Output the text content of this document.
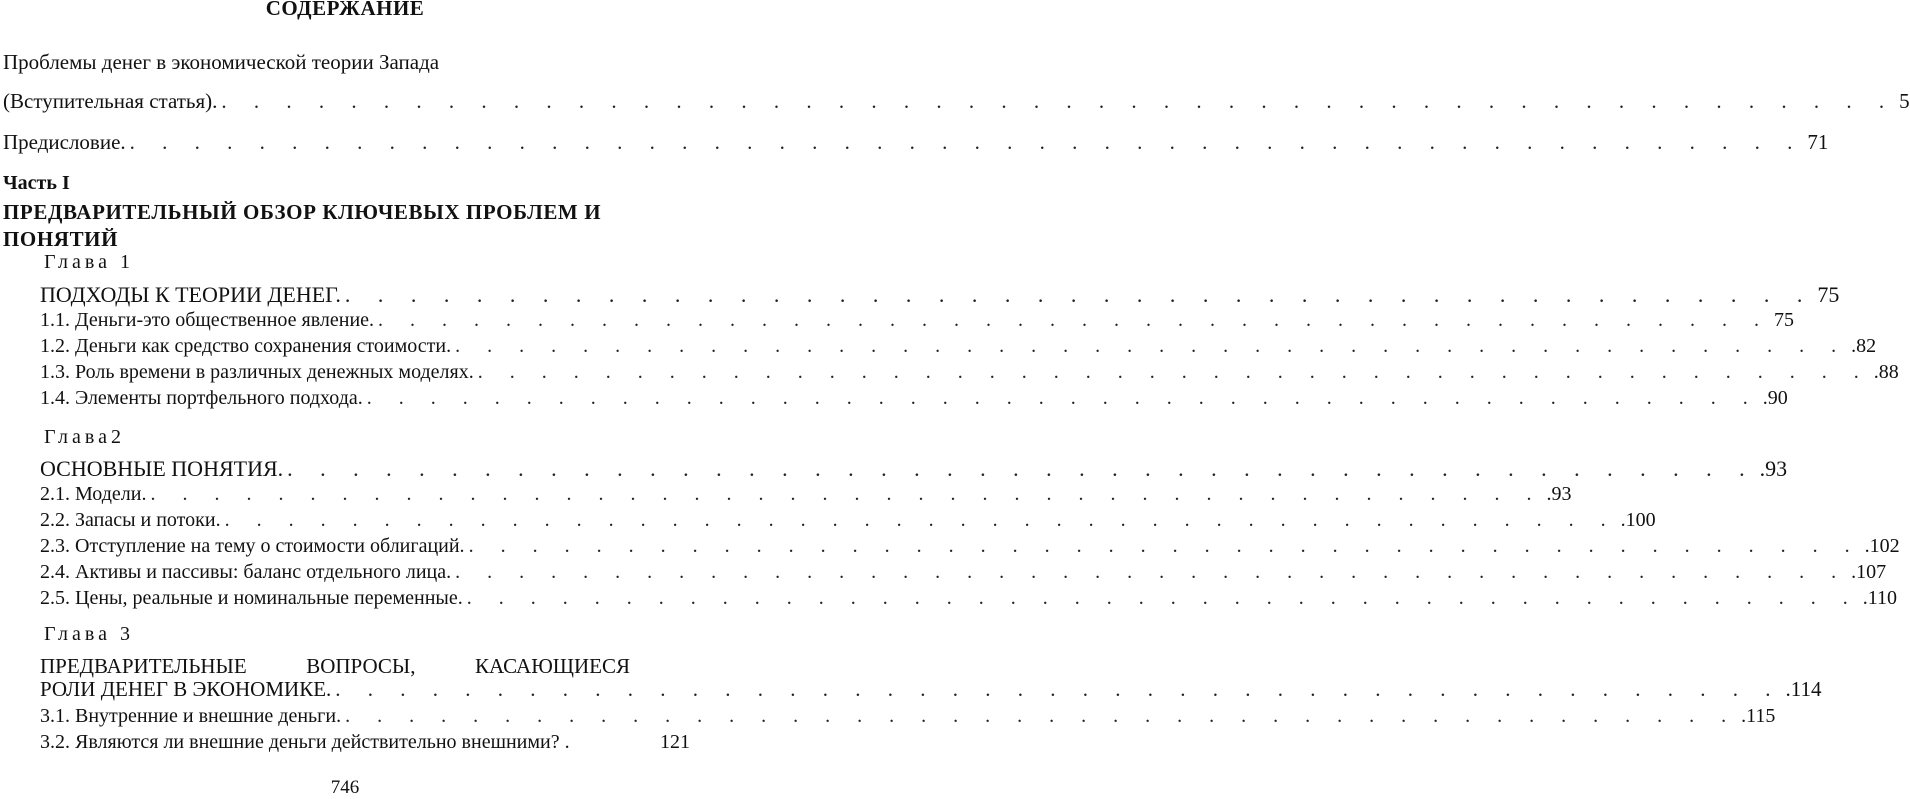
СОДЕРЖАНИЕ
Проблемы денег в экономической теории Запада
(Вступительная статья). . . . . . . . . . . . . . . . . . . . . . . . . . . . . . . . . . . . . . . . . . . . . . . . . . . . . 5
Предисловие. . . . . . . . . . . . . . . . . . . . . . . . . . . . . . . . . . . . . . . . . . . . . . . . . . . . . 71
Часть I
ПРЕДВАРИТЕЛЬНЫЙ ОБЗОР КЛЮЧЕВЫХ ПРОБЛЕМ И
ПОНЯТИЙ
Глава 1
ПОДХОДЫ К ТЕОРИИ ДЕНЕГ. . . . . . . . . . . . . . . . . . . . . . . . . . . . . . . . . . . . . . . . . . . . . . 75
1.1. Деньги-это общественное явление. . . . . . . . . . . . . . . . . . . . . . . . . . . . . . . . . . . . . . . . . . . . . 75
1.2. Деньги как средство сохранения стоимости. . . . . . . . . . . . . . . . . . . . . . . . . . . . . . . . . . . . . . . . . . . . . .82
1.3. Роль времени в различных денежных моделях. . . . . . . . . . . . . . . . . . . . . . . . . . . . . . . . . . . . . . . . . . . . . .88
1.4. Элементы портфельного подхода. . . . . . . . . . . . . . . . . . . . . . . . . . . . . . . . . . . . . . . . . . . . . .90
Глава2
ОСНОВНЫЕ ПОНЯТИЯ. . . . . . . . . . . . . . . . . . . . . . . . . . . . . . . . . . . . . . . . . . . . . . .93
2.1. Модели. . . . . . . . . . . . . . . . . . . . . . . . . . . . . . . . . . . . . . . . . . . . . .93
2.2. Запасы и потоки. . . . . . . . . . . . . . . . . . . . . . . . . . . . . . . . . . . . . . . . . . . . . .100
2.3. Отступление на тему о стоимости облигаций. . . . . . . . . . . . . . . . . . . . . . . . . . . . . . . . . . . . . . . . . . . . . .102
2.4. Активы и пассивы: баланс отдельного лица. . . . . . . . . . . . . . . . . . . . . . . . . . . . . . . . . . . . . . . . . . . . . .107
2.5. Цены, реальные и номинальные переменные. . . . . . . . . . . . . . . . . . . . . . . . . . . . . . . . . . . . . . . . . . . . . .110
Глава 3
ПРЕДВАРИТЕЛЬНЫЕ	ВОПРОСЫ,	КАСАЮЩИЕСЯ
РОЛИ ДЕНЕГ В ЭКОНОМИКЕ. . . . . . . . . . . . . . . . . . . . . . . . . . . . . . . . . . . . . . . . . . . . . . .114
3.1. Внутренние и внешние деньги. . . . . . . . . . . . . . . . . . . . . . . . . . . . . . . . . . . . . . . . . . . . . .115
3.2. Являются ли внешние деньги действительно внешними? .	121
746
